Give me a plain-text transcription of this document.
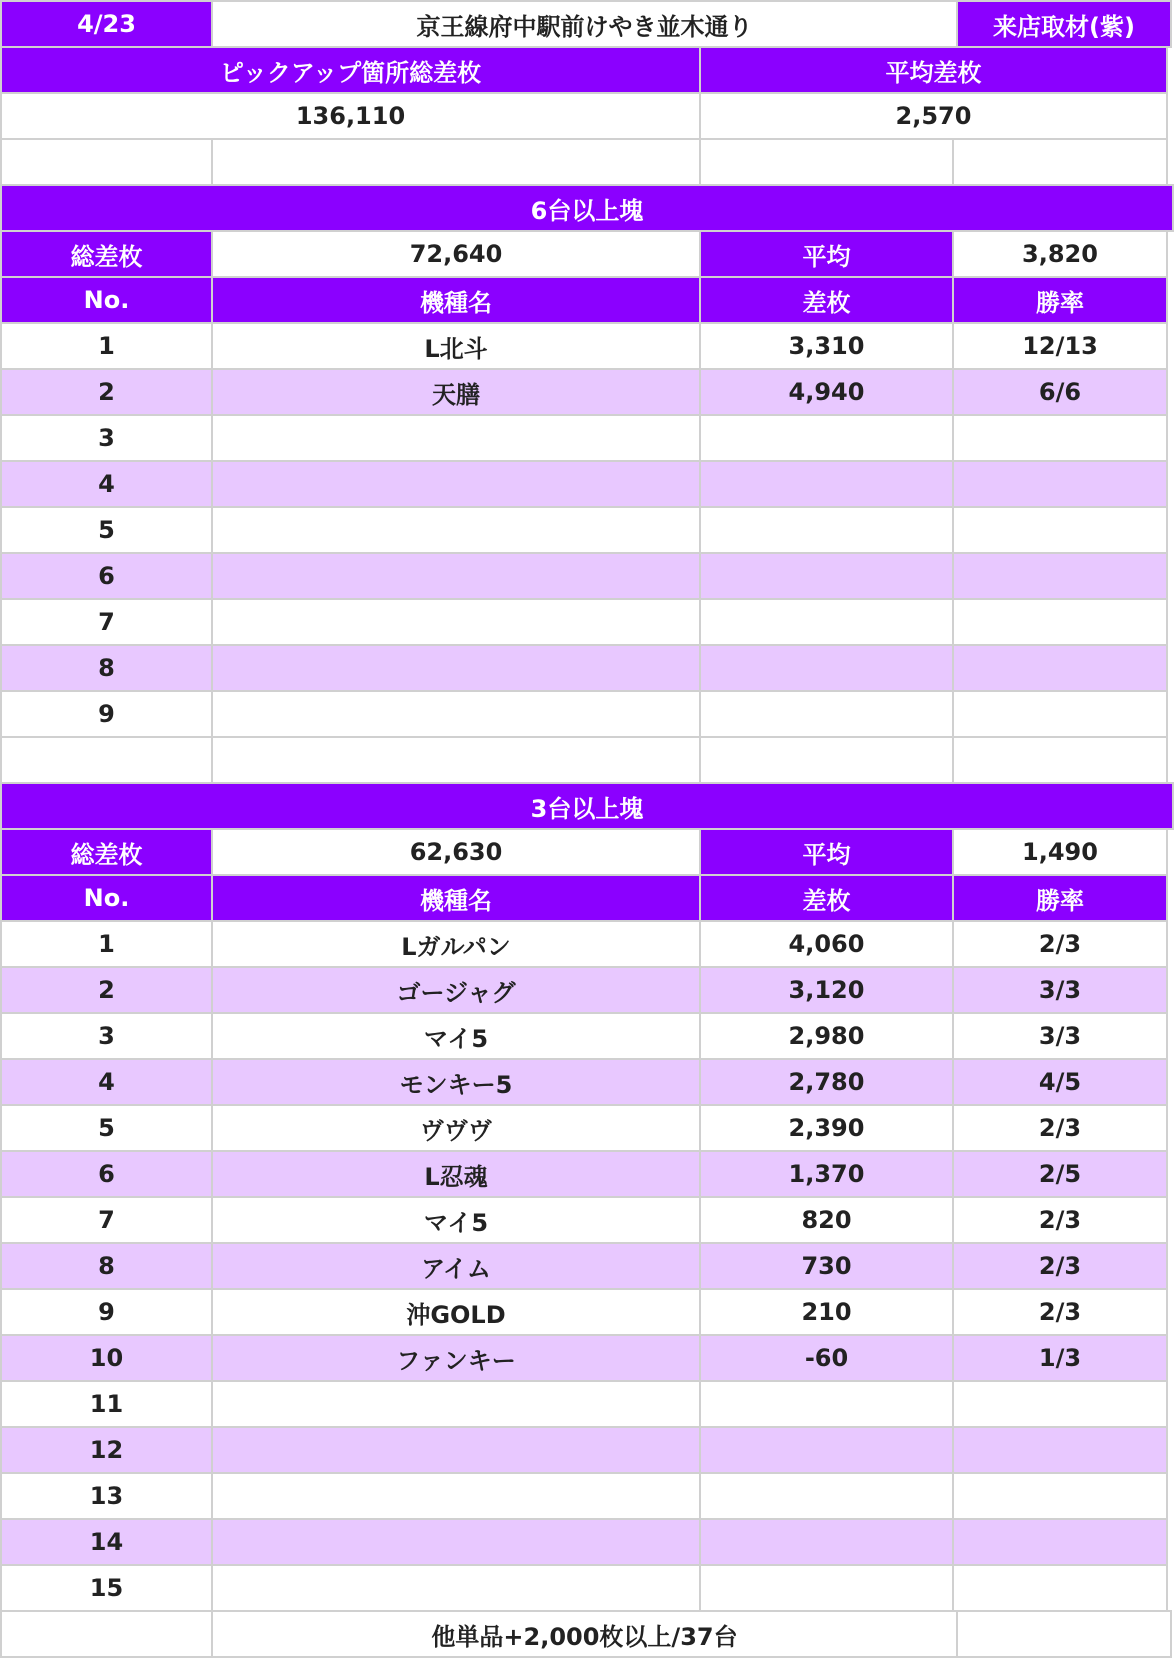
4/23	京王線府中駅前けやき並木通り	来店取材(紫)
ピックアップ箇所総差枚	平均差枚
136,110	2,570
6台以上塊
総差枚	72,640	平均	3,820
No.	機種名	差枚	勝率
1	L北斗	3,310	12/13
2	天膳	4,940	6/6
3
4
5
6
7
8
9
3台以上塊
総差枚	62,630	平均	1,490
No.	機種名	差枚	勝率
1	Lガルパン	4,060	2/3
2	ゴージャグ	3,120	3/3
3	マイ5	2,980	3/3
4	モンキー5	2,780	4/5
5	ヴヴヴ	2,390	2/3
6	L忍魂	1,370	2/5
7	マイ5	820	2/3
8	アイム	730	2/3
9	沖GOLD	210	2/3
10	ファンキー	-60	1/3
11
12
13
14
15
他単品+2,000枚以上/37台
